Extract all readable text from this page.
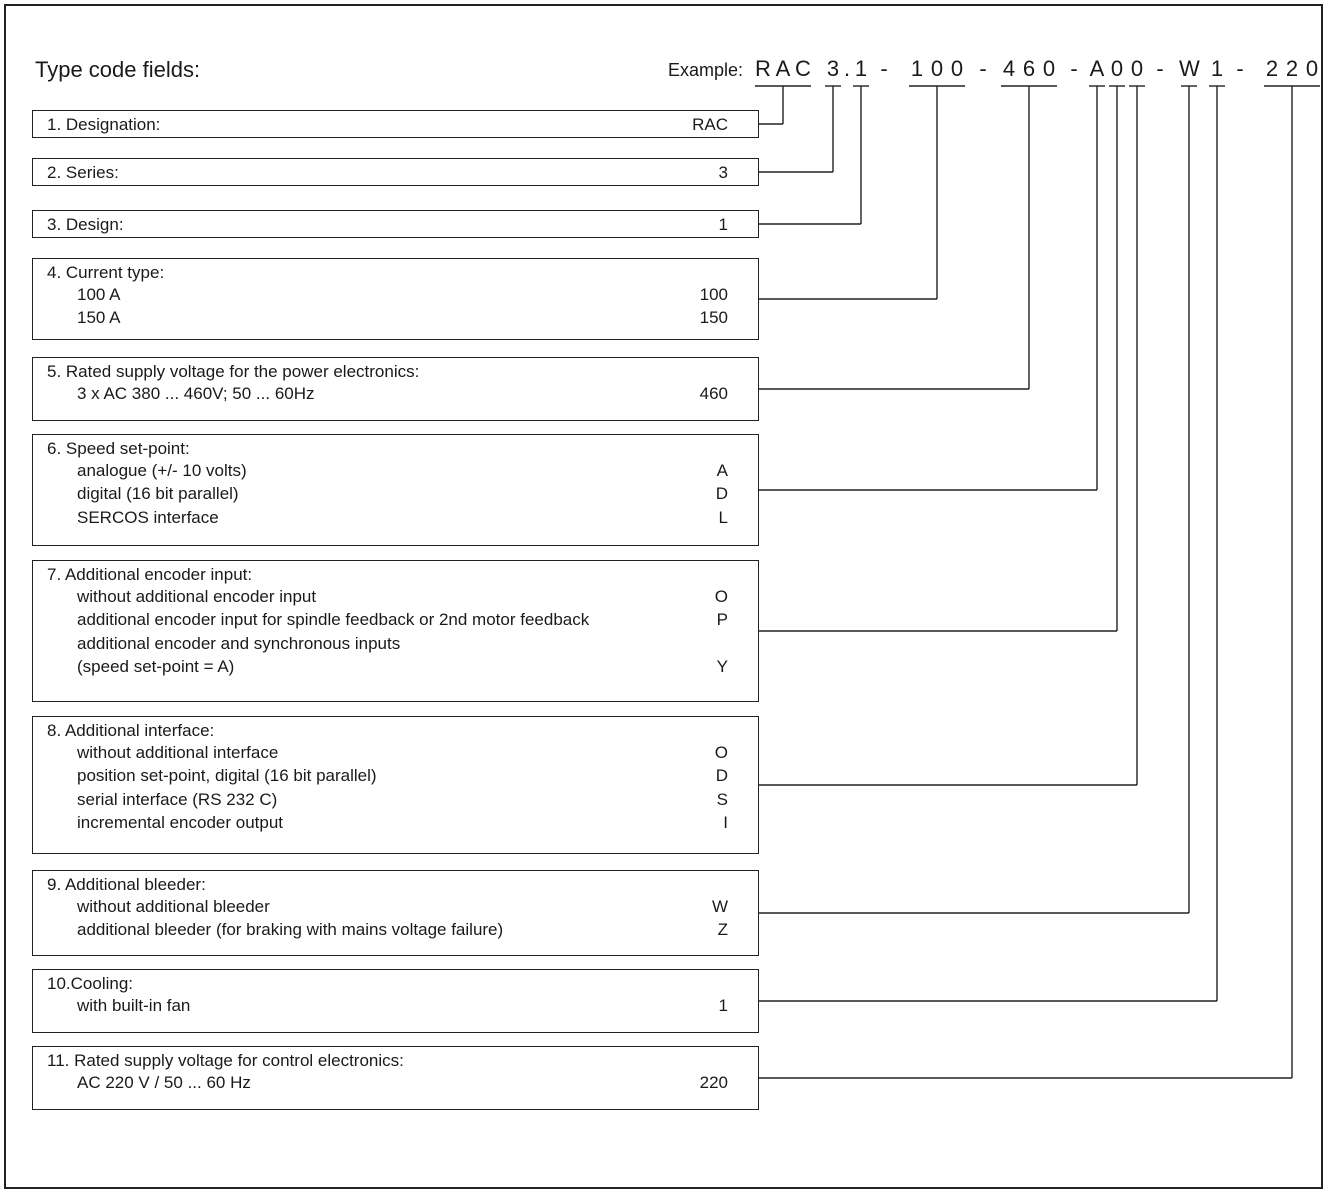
Type code fields:	Example: R A C 3 . 1 - 1 0 0 - 4 6 0 - A 0 0 - W 1 - 2 2 0
1. Designation:	RAC
2. Series:	3
3. Design:	1
4. Current type:
100 A	100
150 A	150
5. Rated supply voltage for the power electronics:
3 x AC 380 ... 460V; 50 ... 60Hz	460
6. Speed set-point:
analogue (+/- 10 volts)	A
digital (16 bit parallel)	D
SERCOS interface	L
7. Additional encoder input:
without additional encoder input	O
additional encoder input for spindle feedback or 2nd motor feedback	P
additional encoder and synchronous inputs
(speed set-point = A)	Y
8. Additional interface:
without additional interface	O
position set-point, digital (16 bit parallel)	D
serial interface (RS 232 C)	S
incremental encoder output	I
9. Additional bleeder:
without additional bleeder	W
additional bleeder (for braking with mains voltage failure)	Z
10.Cooling:
with built-in fan	1
11. Rated supply voltage for control electronics:
AC 220 V / 50 ... 60 Hz	220
